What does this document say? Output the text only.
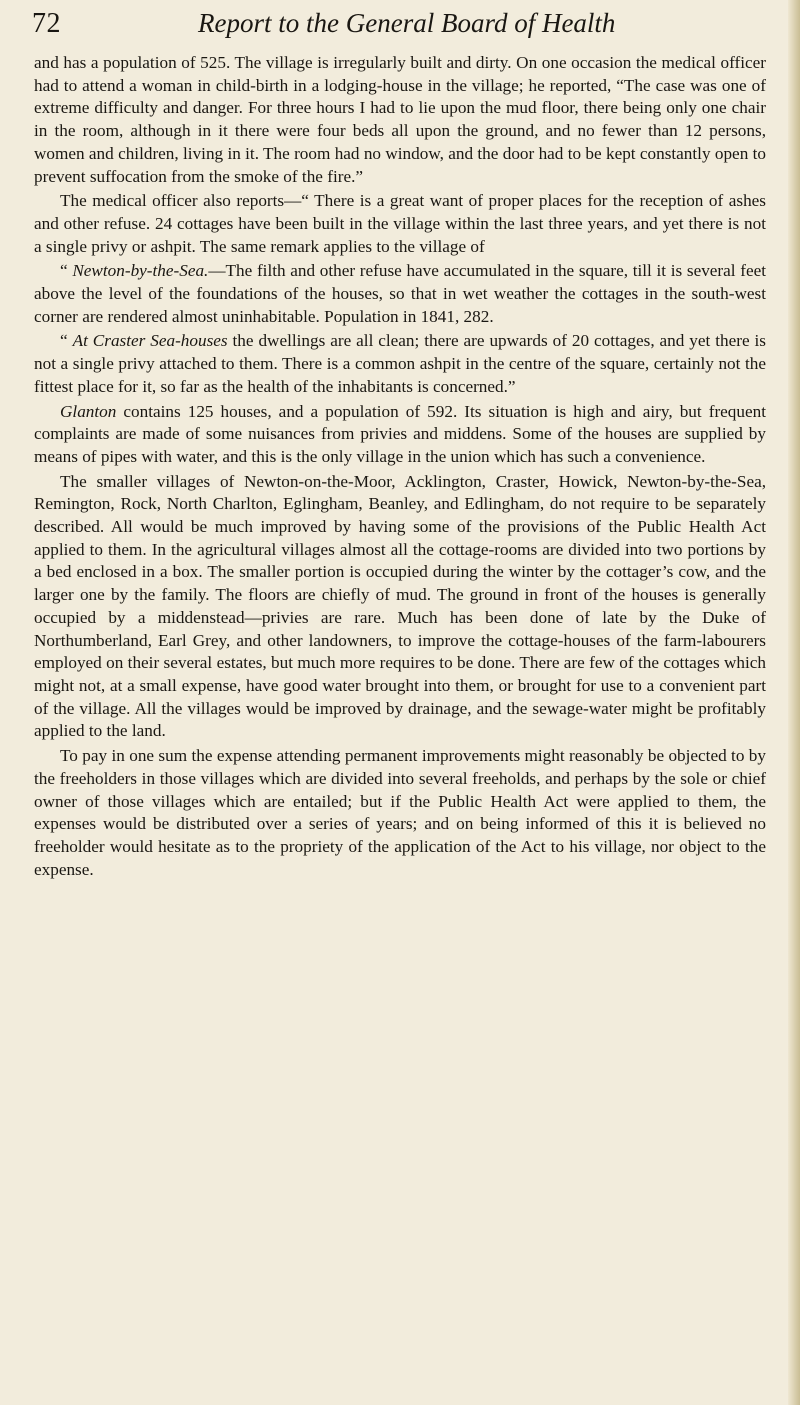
72	Report to the General Board of Health

and has a population of 525. The village is irregularly built and dirty. On one occasion the medical officer had to attend a woman in child-birth in a lodging-house in the village; he reported, “The case was one of extreme difficulty and danger. For three hours I had to lie upon the mud floor, there being only one chair in the room, although in it there were four beds all upon the ground, and no fewer than 12 persons, women and children, living in it. The room had no window, and the door had to be kept constantly open to prevent suffocation from the smoke of the fire.”

The medical officer also reports—“ There is a great want of proper places for the reception of ashes and other refuse. 24 cottages have been built in the village within the last three years, and yet there is not a single privy or ashpit. The same remark applies to the village of

“ Newton-by-the-Sea.—The filth and other refuse have accumulated in the square, till it is several feet above the level of the foundations of the houses, so that in wet weather the cottages in the south-west corner are rendered almost uninhabitable. Population in 1841, 282.

“ At Craster Sea-houses the dwellings are all clean; there are upwards of 20 cottages, and yet there is not a single privy attached to them. There is a common ashpit in the centre of the square, certainly not the fittest place for it, so far as the health of the inhabitants is concerned.”

Glanton contains 125 houses, and a population of 592. Its situation is high and airy, but frequent complaints are made of some nuisances from privies and middens. Some of the houses are supplied by means of pipes with water, and this is the only village in the union which has such a convenience.

The smaller villages of Newton-on-the-Moor, Acklington, Craster, Howick, Newton-by-the-Sea, Remington, Rock, North Charlton, Eglingham, Beanley, and Edlingham, do not require to be separately described. All would be much improved by having some of the provisions of the Public Health Act applied to them. In the agricultural villages almost all the cottage-rooms are divided into two portions by a bed enclosed in a box. The smaller portion is occupied during the winter by the cottager’s cow, and the larger one by the family. The floors are chiefly of mud. The ground in front of the houses is generally occupied by a middenstead—privies are rare. Much has been done of late by the Duke of Northumberland, Earl Grey, and other landowners, to improve the cottage-houses of the farm-labourers employed on their several estates, but much more requires to be done. There are few of the cottages which might not, at a small expense, have good water brought into them, or brought for use to a convenient part of the village. All the villages would be improved by drainage, and the sewage-water might be profitably applied to the land.

To pay in one sum the expense attending permanent improvements might reasonably be objected to by the freeholders in those villages which are divided into several freeholds, and perhaps by the sole or chief owner of those villages which are entailed; but if the Public Health Act were applied to them, the expenses would be distributed over a series of years; and on being informed of this it is believed no freeholder would hesitate as to the propriety of the application of the Act to his village, nor object to the expense.
